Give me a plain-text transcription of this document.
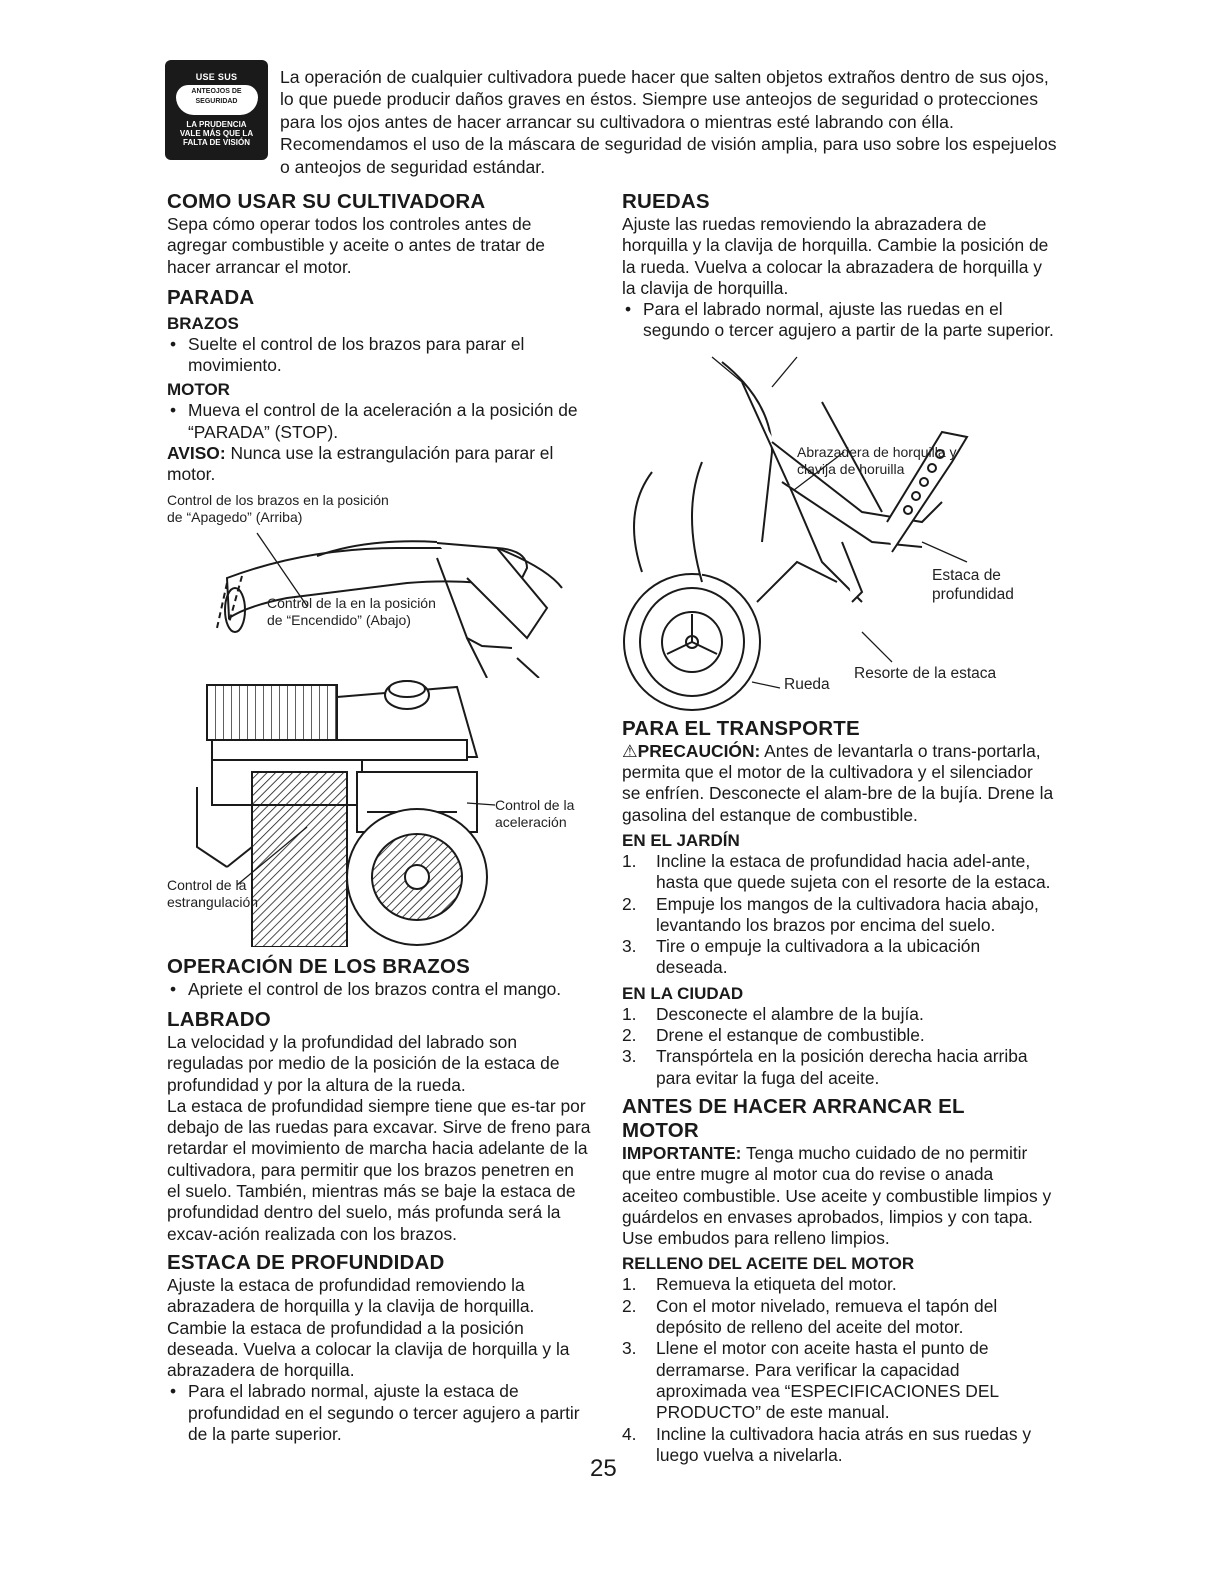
USE SUS
ANTEOJOS DE SEGURIDAD
LA PRUDENCIA
VALE MÁS QUE LA
FALTA DE VISIÓN
La operación de cualquier cultivadora puede hacer que salten objetos extraños dentro de sus ojos, lo que puede producir daños graves en éstos. Siempre use anteojos de seguridad o protecciones para los ojos antes de hacer arrancar su cultivadora o mientras esté labrando con élla. Recomendamos el uso de la máscara de seguridad de visión amplia, para uso sobre los espejuelos o anteojos de seguridad estándar.
COMO USAR SU CULTIVADORA

Sepa cómo operar todos los controles antes de agregar combustible y aceite o antes de tratar de hacer arrancar el motor.

PARADA
BRAZOS
• Suelte el control de los brazos para parar el movimiento.
MOTOR
• Mueva el control de la aceleración a la posición de “PARADA” (STOP).

AVISO: Nunca use la estrangulación para parar el motor.

Control de los brazos en la posición de “Apagedo” (Arriba)
Control de la en la posición
de “Encendido” (Abajo)
Control de la
aceleración
Control de la
estrangulación
OPERACIÓN DE LOS BRAZOS
• Apriete el control de los brazos contra el mango.
LABRADO

La velocidad y la profundidad del labrado son reguladas por medio de la posición de la estaca de profundidad y por la altura de la rueda.

La estaca de profundidad siempre tiene que es-tar por debajo de las ruedas para excavar. Sirve de freno para retardar el movimiento de marcha hacia adelante de la cultivadora, para permitir que los brazos penetren en el suelo. También, mientras más se baje la estaca de profundidad dentro del suelo, más profunda será la excav-ación realizada con los brazos.

ESTACA DE PROFUNDIDAD

Ajuste la estaca de profundidad removiendo la abrazadera de horquilla y la clavija de horquilla. Cambie la estaca de profundidad a la posición deseada. Vuelva a colocar la clavija de horquilla y la abrazadera de horquilla.

• Para el labrado normal, ajuste la estaca de profundidad en el segundo o tercer agujero a partir de la parte superior.
RUEDAS

Ajuste las ruedas removiendo la abrazadera de horquilla y la clavija de horquilla. Cambie la posición de la rueda. Vuelva a colocar la abrazadera de horquilla y la clavija de horquilla.

• Para el labrado normal, ajuste las ruedas en el segundo o tercer agujero a partir de la parte superior.
Abrazadera de horquilla y
clavija de horuilla
Estaca de
profundidad
Rueda
Resorte de la estaca
PARA EL TRANSPORTE

⚠PRECAUCIÓN: Antes de levantarla o trans-portarla, permita que el motor de la cultivadora y el silenciador se enfríen. Desconecte el alam-bre de la bujía. Drene la gasolina del estanque de combustible.

EN EL JARDÍN
1. Incline la estaca de profundidad hacia adel-ante, hasta que quede sujeta con el resorte de la estaca.
2. Empuje los mangos de la cultivadora hacia abajo, levantando los brazos por encima del suelo.
3. Tire o empuje la cultivadora a la ubicación deseada.
EN LA CIUDAD
1. Desconecte el alambre de la bujía.
2. Drene el estanque de combustible.
3. Transpórtela en la posición derecha hacia arriba para evitar la fuga del aceite.
ANTES DE HACER ARRANCAR EL
MOTOR

IMPORTANTE: Tenga mucho cuidado de no permitir que entre mugre al motor cua do revise o anada aceiteo combustible. Use aceite y combustible limpios y guárdelos en envases aprobados, limpios y con tapa. Use embudos para relleno limpios.

RELLENO DEL ACEITE DEL MOTOR
1. Remueva la etiqueta del motor.
2. Con el motor nivelado, remueva el tapón del depósito de relleno del aceite del motor.
3. Llene el motor con aceite hasta el punto de derramarse. Para verificar la capacidad aproximada vea “ESPECIFICACIONES DEL PRODUCTO” de este manual.
4. Incline la cultivadora hacia atrás en sus ruedas y luego vuelva a nivelarla.
25
